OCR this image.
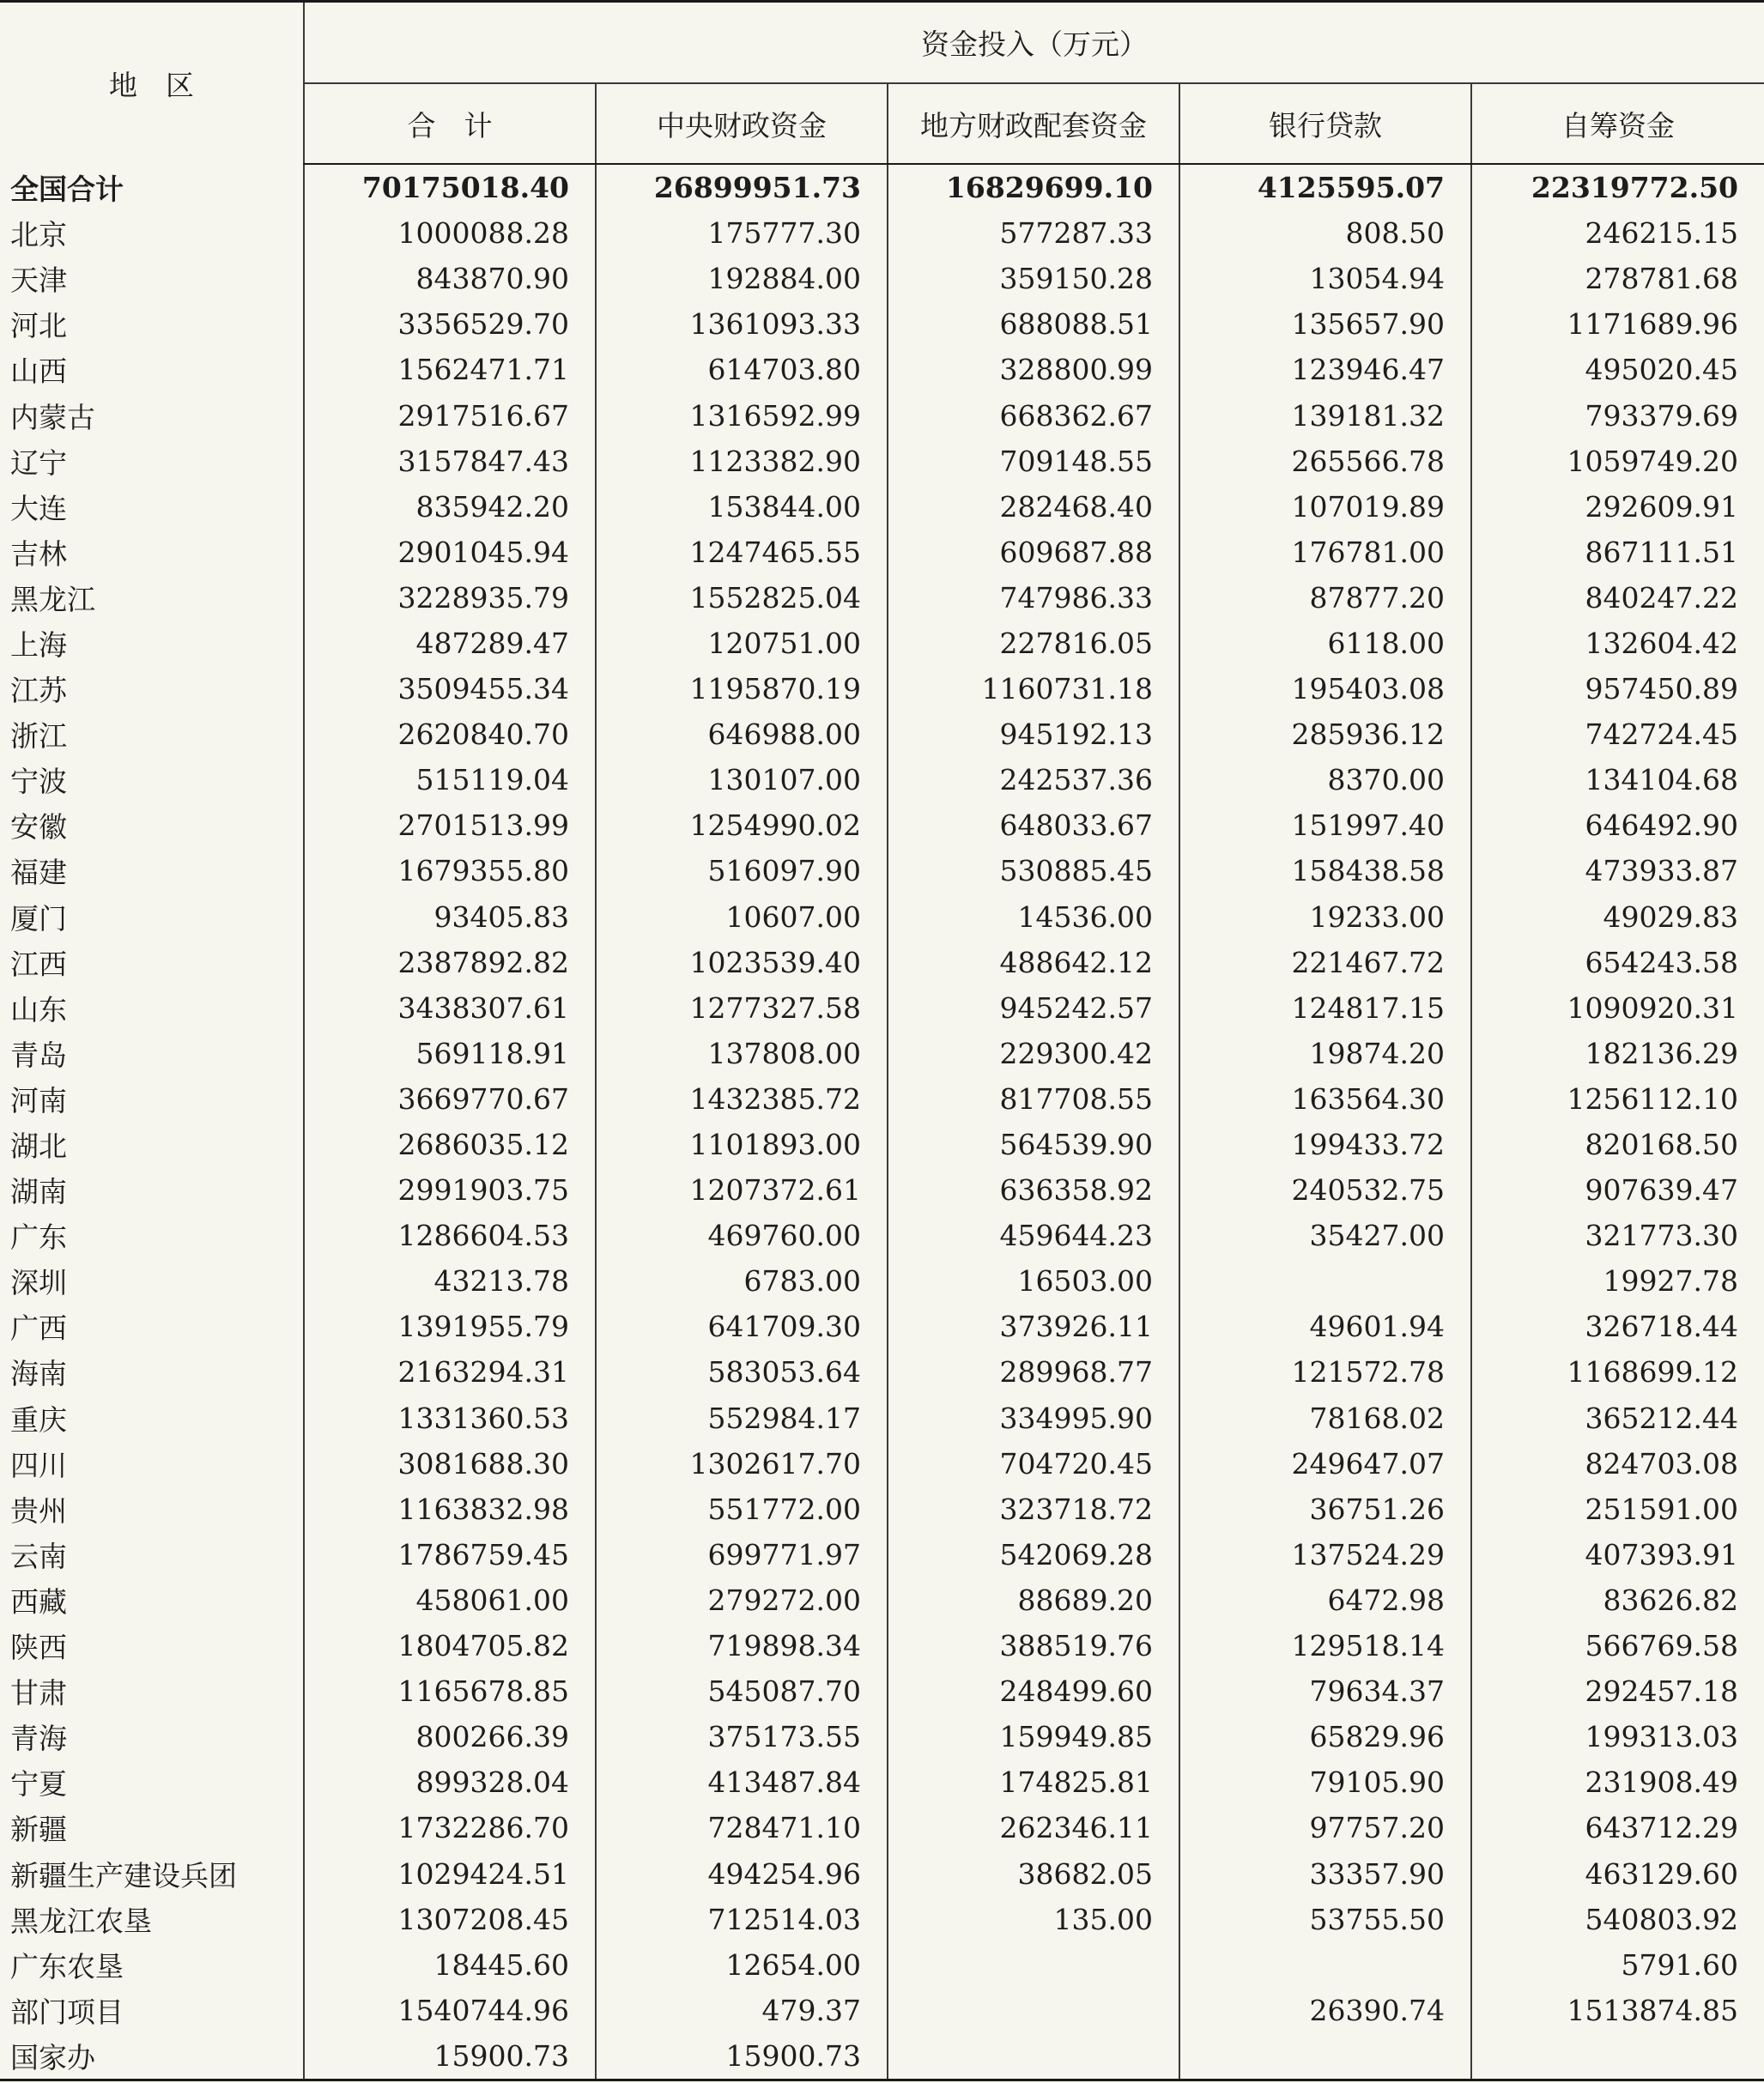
地　区	资金投入（万元）				
	合　计	中央财政资金	地方财政配套资金	银行贷款	自筹资金
全国合计	70175018.40	26899951.73	16829699.10	4125595.07	22319772.50
北京	1000088.28	175777.30	577287.33	808.50	246215.15
天津	843870.90	192884.00	359150.28	13054.94	278781.68
河北	3356529.70	1361093.33	688088.51	135657.90	1171689.96
山西	1562471.71	614703.80	328800.99	123946.47	495020.45
内蒙古	2917516.67	1316592.99	668362.67	139181.32	793379.69
辽宁	3157847.43	1123382.90	709148.55	265566.78	1059749.20
大连	835942.20	153844.00	282468.40	107019.89	292609.91
吉林	2901045.94	1247465.55	609687.88	176781.00	867111.51
黑龙江	3228935.79	1552825.04	747986.33	87877.20	840247.22
上海	487289.47	120751.00	227816.05	6118.00	132604.42
江苏	3509455.34	1195870.19	1160731.18	195403.08	957450.89
浙江	2620840.70	646988.00	945192.13	285936.12	742724.45
宁波	515119.04	130107.00	242537.36	8370.00	134104.68
安徽	2701513.99	1254990.02	648033.67	151997.40	646492.90
福建	1679355.80	516097.90	530885.45	158438.58	473933.87
厦门	93405.83	10607.00	14536.00	19233.00	49029.83
江西	2387892.82	1023539.40	488642.12	221467.72	654243.58
山东	3438307.61	1277327.58	945242.57	124817.15	1090920.31
青岛	569118.91	137808.00	229300.42	19874.20	182136.29
河南	3669770.67	1432385.72	817708.55	163564.30	1256112.10
湖北	2686035.12	1101893.00	564539.90	199433.72	820168.50
湖南	2991903.75	1207372.61	636358.92	240532.75	907639.47
广东	1286604.53	469760.00	459644.23	35427.00	321773.30
深圳	43213.78	6783.00	16503.00		19927.78
广西	1391955.79	641709.30	373926.11	49601.94	326718.44
海南	2163294.31	583053.64	289968.77	121572.78	1168699.12
重庆	1331360.53	552984.17	334995.90	78168.02	365212.44
四川	3081688.30	1302617.70	704720.45	249647.07	824703.08
贵州	1163832.98	551772.00	323718.72	36751.26	251591.00
云南	1786759.45	699771.97	542069.28	137524.29	407393.91
西藏	458061.00	279272.00	88689.20	6472.98	83626.82
陕西	1804705.82	719898.34	388519.76	129518.14	566769.58
甘肃	1165678.85	545087.70	248499.60	79634.37	292457.18
青海	800266.39	375173.55	159949.85	65829.96	199313.03
宁夏	899328.04	413487.84	174825.81	79105.90	231908.49
新疆	1732286.70	728471.10	262346.11	97757.20	643712.29
新疆生产建设兵团	1029424.51	494254.96	38682.05	33357.90	463129.60
黑龙江农垦	1307208.45	712514.03	135.00	53755.50	540803.92
广东农垦	18445.60	12654.00			5791.60
部门项目	1540744.96	479.37		26390.74	1513874.85
国家办	15900.73	15900.73			
